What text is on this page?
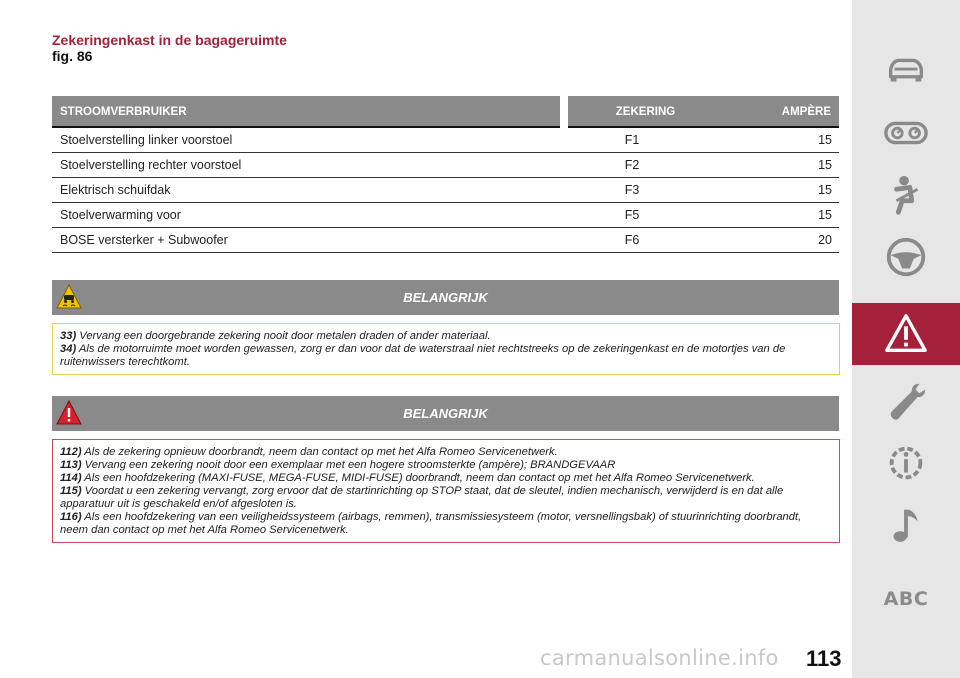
Zekeringenkast in de bagageruimte
fig. 86
STROOMVERBRUIKER	ZEKERING	AMPÈRE
Stoelverstelling linker voorstoel	F1	15
Stoelverstelling rechter voorstoel	F2	15
Elektrisch schuifdak	F3	15
Stoelverwarming voor	F5	15
BOSE versterker + Subwoofer	F6	20
BELANGRIJK

33) Vervang een doorgebrande zekering nooit door metalen draden of ander materiaal.

34) Als de motorruimte moet worden gewassen, zorg er dan voor dat de waterstraal niet rechtstreeks op de zekeringenkast en de motortjes van de ruitenwissers terechtkomt.

BELANGRIJK

112) Als de zekering opnieuw doorbrandt, neem dan contact op met het Alfa Romeo Servicenetwerk.

113) Vervang een zekering nooit door een exemplaar met een hogere stroomsterkte (ampère); BRANDGEVAAR

114) Als een hoofdzekering (MAXI-FUSE, MEGA-FUSE, MIDI-FUSE) doorbrandt, neem dan contact op met het Alfa Romeo Servicenetwerk.

115) Voordat u een zekering vervangt, zorg ervoor dat de startinrichting op STOP staat, dat de sleutel, indien mechanisch, verwijderd is en dat alle apparatuur uit is geschakeld en/of afgesloten is.

116) Als een hoofdzekering van een veiligheidssysteem (airbags, remmen), transmissiesysteem (motor, versnellingsbak) of stuurinrichting doorbrandt, neem dan contact op met het Alfa Romeo Servicenetwerk.

ABC
carmanualsonline.info 113
